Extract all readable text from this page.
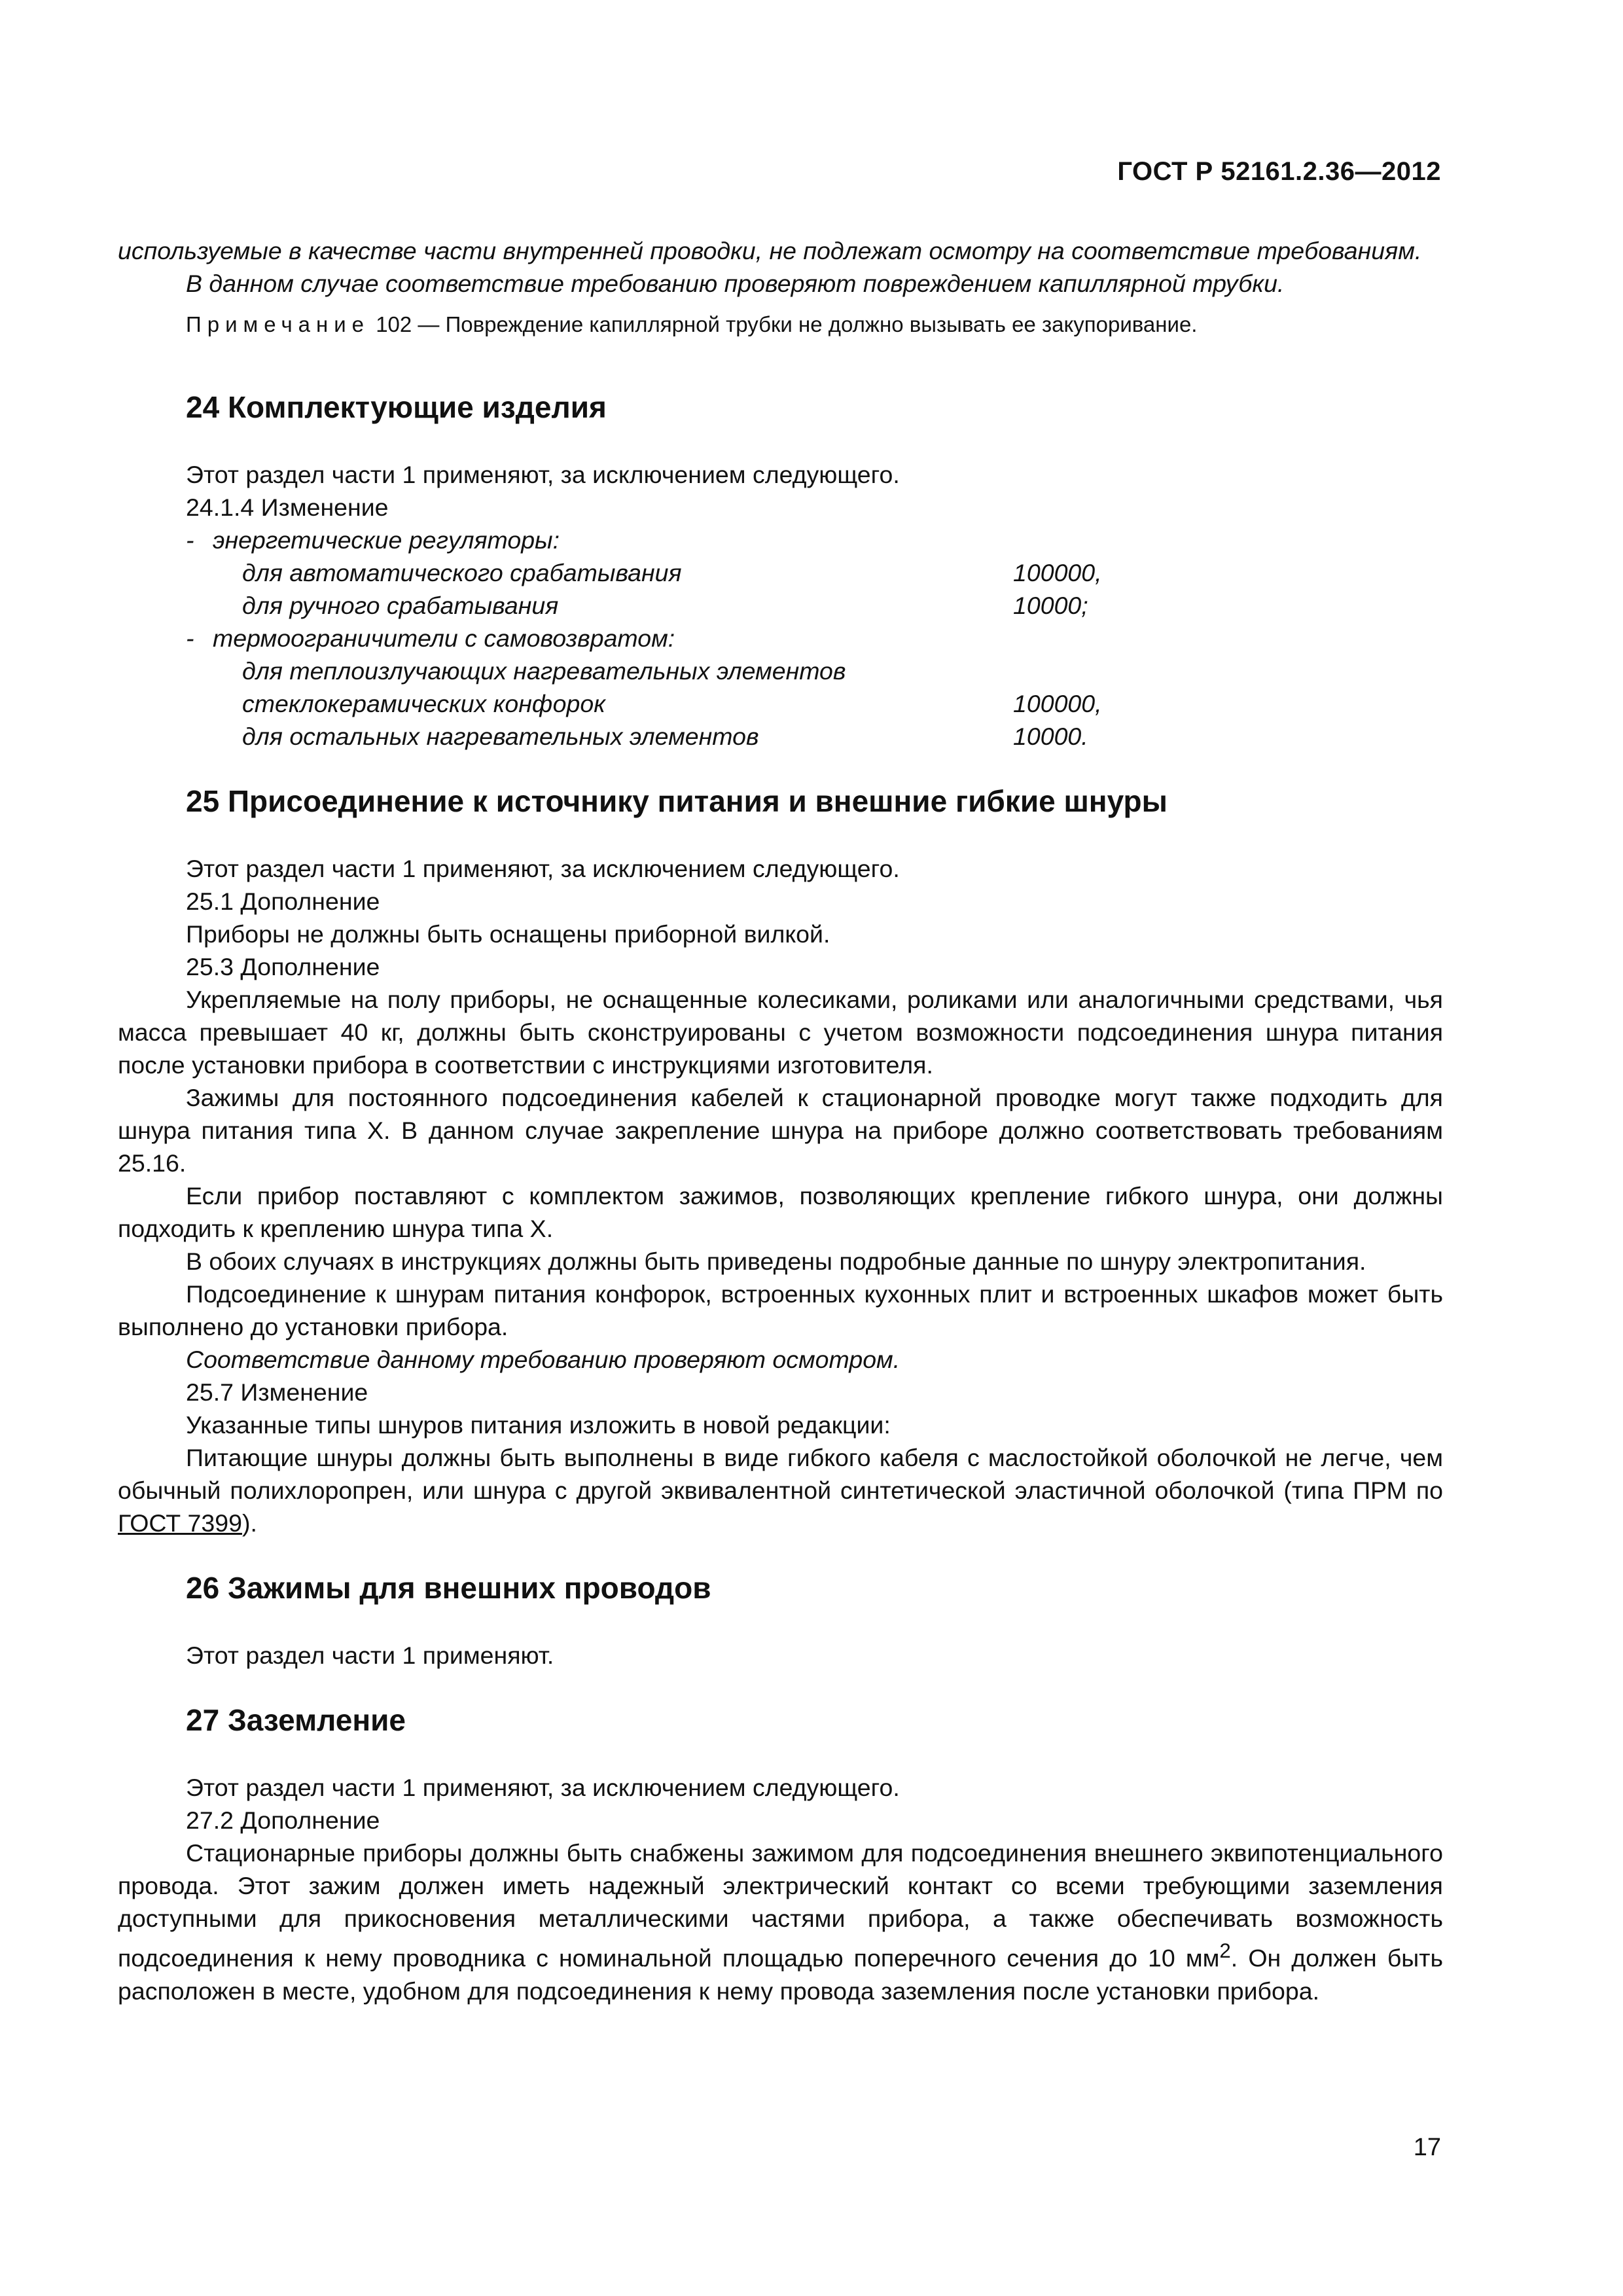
ГОСТ Р 52161.2.36—2012

используемые в качестве части внутренней проводки, не подлежат осмотру на соответствие требованиям.

В данном случае соответствие требованию проверяют повреждением капиллярной трубки.

Примечание 102 — Повреждение капиллярной трубки не должно вызывать ее закупоривание.

24 Комплектующие изделия

Этот раздел части 1 применяют, за исключением следующего.

24.1.4 Изменение

- энергетические регуляторы:
для автоматического срабатывания	100000,
для ручного срабатывания	10000;
- термоограничители с самовозвратом:
для теплоизлучающих нагревательных элементов
стеклокерамических конфорок	100000,
для остальных нагревательных элементов	10000.
25 Присоединение к источнику питания и внешние гибкие шнуры

Этот раздел части 1 применяют, за исключением следующего.

25.1 Дополнение

Приборы не должны быть оснащены приборной вилкой.

25.3 Дополнение

Укрепляемые на полу приборы, не оснащенные колесиками, роликами или аналогичными средствами, чья масса превышает 40 кг, должны быть сконструированы с учетом возможности подсоединения шнура питания после установки прибора в соответствии с инструкциями изготовителя.

Зажимы для постоянного подсоединения кабелей к стационарной проводке могут также подходить для шнура питания типа X. В данном случае закрепление шнура на приборе должно соответствовать требованиям 25.16.

Если прибор поставляют с комплектом зажимов, позволяющих крепление гибкого шнура, они должны подходить к креплению шнура типа X.

В обоих случаях в инструкциях должны быть приведены подробные данные по шнуру электропитания.

Подсоединение к шнурам питания конфорок, встроенных кухонных плит и встроенных шкафов может быть выполнено до установки прибора.

Соответствие данному требованию проверяют осмотром.

25.7 Изменение

Указанные типы шнуров питания изложить в новой редакции:

Питающие шнуры должны быть выполнены в виде гибкого кабеля с маслостойкой оболочкой не легче, чем обычный полихлоропрен, или шнура с другой эквивалентной синтетической эластичной оболочкой (типа ПРМ по ГОСТ 7399).

26 Зажимы для внешних проводов

Этот раздел части 1 применяют.

27 Заземление

Этот раздел части 1 применяют, за исключением следующего.

27.2 Дополнение

Стационарные приборы должны быть снабжены зажимом для подсоединения внешнего эквипотенциального провода. Этот зажим должен иметь надежный электрический контакт со всеми требующими заземления доступными для прикосновения металлическими частями прибора, а также обеспечивать возможность подсоединения к нему проводника с номинальной площадью поперечного сечения до 10 $мм^2$. Он должен быть расположен в месте, удобном для подсоединения к нему провода заземления после установки прибора.

17
